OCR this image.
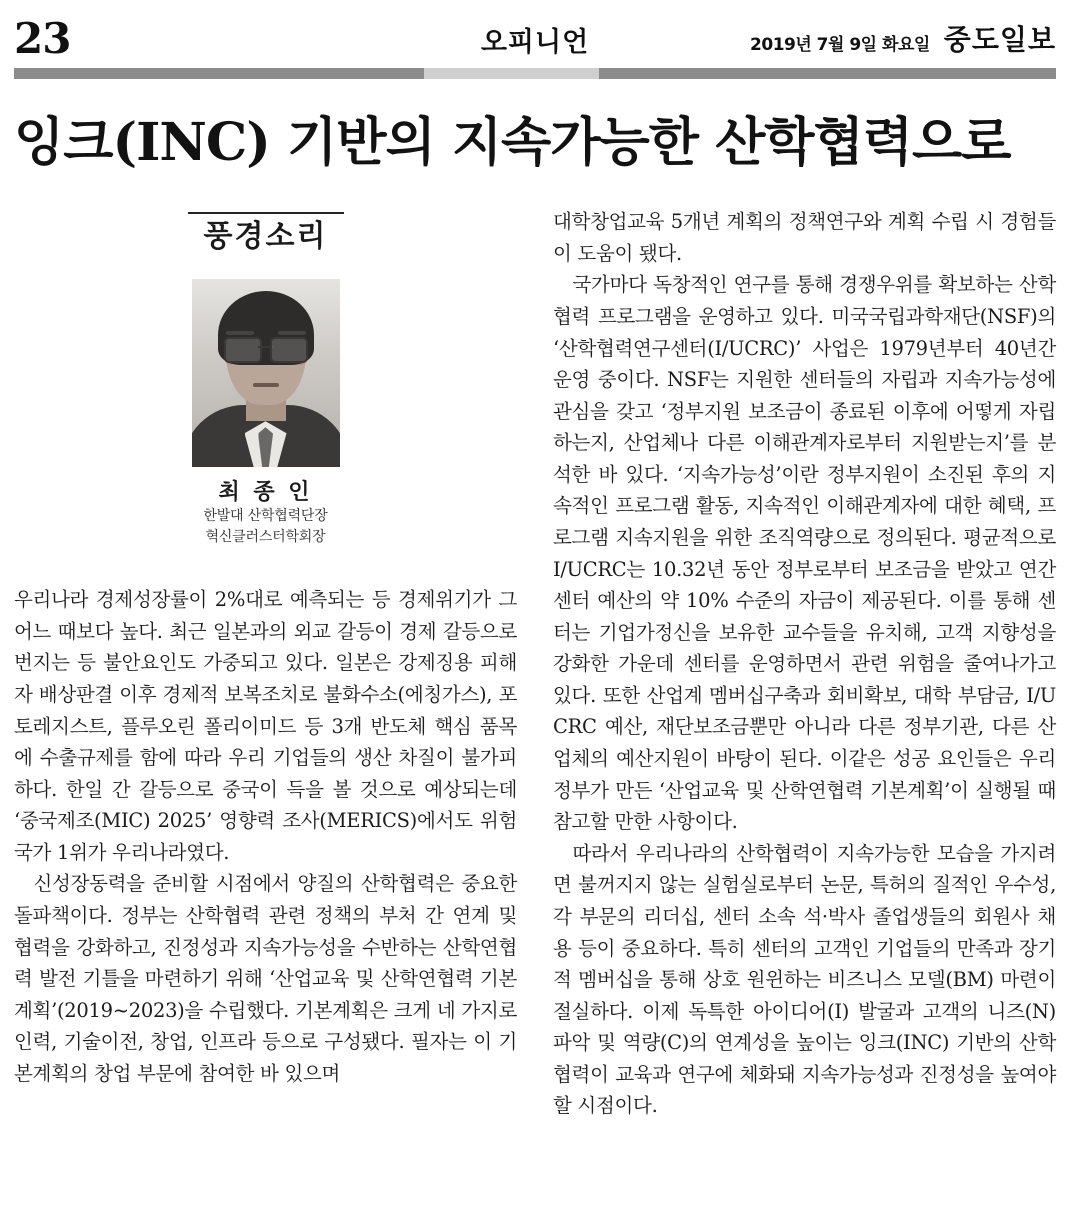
23	오피니언	2019년 7월 9일 화요일 중도일보
잉크(INC) 기반의 지속가능한 산학협력으로
풍경소리
최 종 인
한발대 산학협력단장
혁신클러스터학회장

우리나라 경제성장률이 2%대로 예측되는 등 경제위기가 그 어느 때보다 높다. 최근 일본과의 외교 갈등이 경제 갈등으로 번지는 등 불안요인도 가중되고 있다. 일본은 강제징용 피해자 배상판결 이후 경제적 보복조치로 불화수소(에칭가스), 포토레지스트, 플루오린 폴리이미드 등 3개 반도체 핵심 품목에 수출규제를 함에 따라 우리 기업들의 생산 차질이 불가피하다. 한일 간 갈등으로 중국이 득을 볼 것으로 예상되는데 ‘중국제조(MIC) 2025’ 영향력 조사(MERICS)에서도 위험국가 1위가 우리나라였다.

신성장동력을 준비할 시점에서 양질의 산학협력은 중요한 돌파책이다. 정부는 산학협력 관련 정책의 부처 간 연계 및 협력을 강화하고, 진정성과 지속가능성을 수반하는 산학연협력 발전 기틀을 마련하기 위해 ‘산업교육 및 산학연협력 기본계획’(2019~2023)을 수립했다. 기본계획은 크게 네 가지로 인력, 기술이전, 창업, 인프라 등으로 구성됐다. 필자는 이 기본계획의 창업 부문에 참여한 바 있으며

대학창업교육 5개년 계획의 정책연구와 계획 수립 시 경험들이 도움이 됐다.

국가마다 독창적인 연구를 통해 경쟁우위를 확보하는 산학협력 프로그램을 운영하고 있다. 미국국립과학재단(NSF)의 ‘산학협력연구센터(I/UCRC)’ 사업은 1979년부터 40년간 운영 중이다. NSF는 지원한 센터들의 자립과 지속가능성에 관심을 갖고 ‘정부지원 보조금이 종료된 이후에 어떻게 자립하는지, 산업체나 다른 이해관계자로부터 지원받는지’를 분석한 바 있다. ‘지속가능성’이란 정부지원이 소진된 후의 지속적인 프로그램 활동, 지속적인 이해관계자에 대한 혜택, 프로그램 지속지원을 위한 조직역량으로 정의된다. 평균적으로 I/UCRC는 10.32년 동안 정부로부터 보조금을 받았고 연간 센터 예산의 약 10% 수준의 자금이 제공된다. 이를 통해 센터는 기업가정신을 보유한 교수들을 유치해, 고객 지향성을 강화한 가운데 센터를 운영하면서 관련 위험을 줄여나가고 있다. 또한 산업계 멤버십구축과 회비확보, 대학 부담금, I/UCRC 예산, 재단보조금뿐만 아니라 다른 정부기관, 다른 산업체의 예산지원이 바탕이 된다. 이같은 성공 요인들은 우리 정부가 만든 ‘산업교육 및 산학연협력 기본계획’이 실행될 때 참고할 만한 사항이다.

따라서 우리나라의 산학협력이 지속가능한 모습을 가지려면 불꺼지지 않는 실험실로부터 논문, 특허의 질적인 우수성, 각 부문의 리더십, 센터 소속 석·박사 졸업생들의 회원사 채용 등이 중요하다. 특히 센터의 고객인 기업들의 만족과 장기적 멤버십을 통해 상호 원윈하는 비즈니스 모델(BM) 마련이 절실하다. 이제 독특한 아이디어(I) 발굴과 고객의 니즈(N) 파악 및 역량(C)의 연계성을 높이는 잉크(INC) 기반의 산학협력이 교육과 연구에 체화돼 지속가능성과 진정성을 높여야 할 시점이다.
